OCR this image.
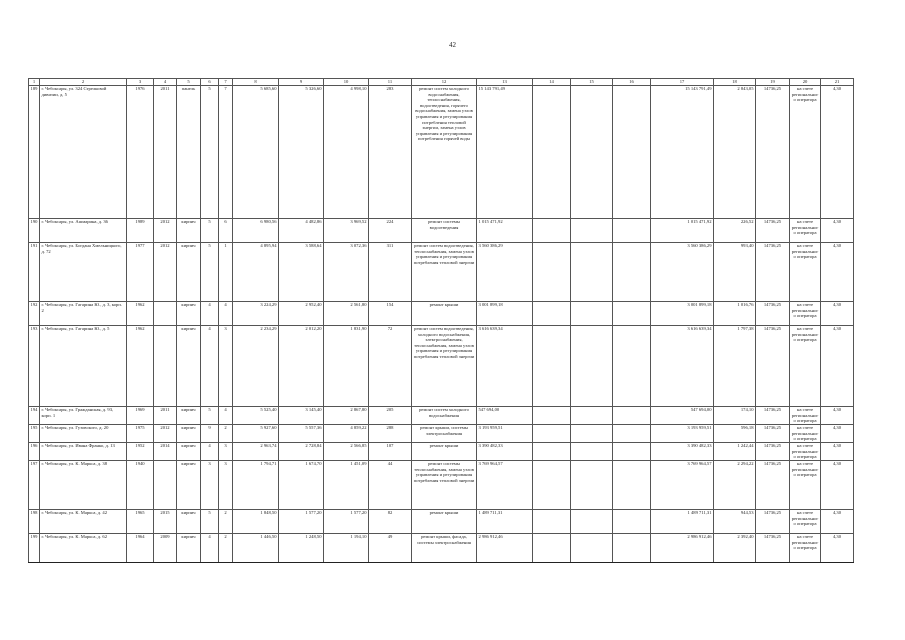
42
1	2	3	4	5	6	7	8	9	10	11	12	13	14	15	16	17	18	19	20	21
189	г. Чебоксары, ул. 324 Стрелковой дивизии, д. 5	1976	2011	панель	5	7	5 685,60	5 326,60	4 998,10	283	ремонт систем холодного водоснабжения, теплоснабжения, водоотведения, горячего водоснабжения, замена узлов управления и регулирования потребления тепловой энергии, замена узлов управления и регулирования потребления горячей воды	15 143 791,49				15 143 791,49	2 843,05	14736,25	на счете регионального оператора	4,30
190	г. Чебоксары, ул. Ашмарина, д. 36	1989	2012	кирпич	5	6	6 980,56	4 482,86	3 969,52	224	ремонт системы водоотведения	1 015 471,92				1 015 471,92	226,52	14736,25	на счете регионального оператора	4,30
191	г. Чебоксары, ул. Богдана Хмельницкого, д. 72	1977	2012	кирпич	5	1	4 895,94	3 588,64	3 072,36	311	ремонт систем водоотведения, теплоснабжения, замена узлов управления и регулирования потребления тепловой энергии	3 560 386,29				3 560 386,29	993,40	14736,25	на счете регионального оператора	4,30
192	г. Чебоксары, ул. Гагарина Ю., д. 3, корп. 2	1962		кирпич	4	4	3 224,29	2 952,40	2 561,80	154	ремонт крыши	3 001 899,18				3 001 899,18	1 016,76	14736,25	на счете регионального оператора	4,30
193	г. Чебоксары, ул. Гагарина Ю., д. 5	1962		кирпич	4	3	2 234,29	2 012,20	1 831,90	72	ремонт систем водоотведения, холодного водоснабжения, электроснабжения, теплоснабжения, замена узлов управления и регулирования потребления тепловой энергии	3 616 639,34				3 616 639,34	1 797,38	14736,25	на счете регионального оператора	4,30
194	г. Чебоксары, ул. Гражданская, д. 93, корп. 1	1969	2011	кирпич	5	4	5 525,40	3 145,40	2 867,80	205	ремонт систем холодного водоснабжения	547 694,00				547 694,00	174,10	14736,25	на счете регионального оператора	4,30
195	г. Чебоксары, ул. Гузовского, д. 20	1975	2012	кирпич	9	2	5 927,60	5 557,36	4 859,22	288	ремонт крыши, системы электроснабжения	3 193 959,51				3 193 959,51	596,18	14736,25	на счете регионального оператора	4,30
196	г. Чебоксары, ул. Ивана Франко, д. 13	1952	2014	кирпич	4	3	2 963,74	2 728,84	2 566,85	107	ремонт крыши	3 390 482,33				3 390 482,33	1 242,44	14736,25	на счете регионального оператора	4,30
197	г. Чебоксары, ул. К. Маркса, д. 38	1940		кирпич	3	3	1 794,71	1 674,70	1 451,09	44	ремонт системы теплоснабжения, замена узлов управления и регулирования потребления тепловой энергии	3 769 964,57				3 769 964,57	2 294,22	14736,25	на счете регионального оператора	4,30
198	г. Чебоксары, ул. К. Маркса, д. 42	1965	2015	кирпич	5	2	1 848,50	1 577,20	1 577,20	82	ремонт крыши	1 489 711,31				1 489 711,31	944,53	14736,25	на счете регионального оператора	4,30
199	г. Чебоксары, ул. К. Маркса, д. 62	1964	2009	кирпич	4	2	1 446,50	1 248,50	1 194,10	49	ремонт крыши, фасада, системы электроснабжения	2 986 912,46				2 986 912,46	2 392,40	14736,25	на счете регионального оператора	4,30
